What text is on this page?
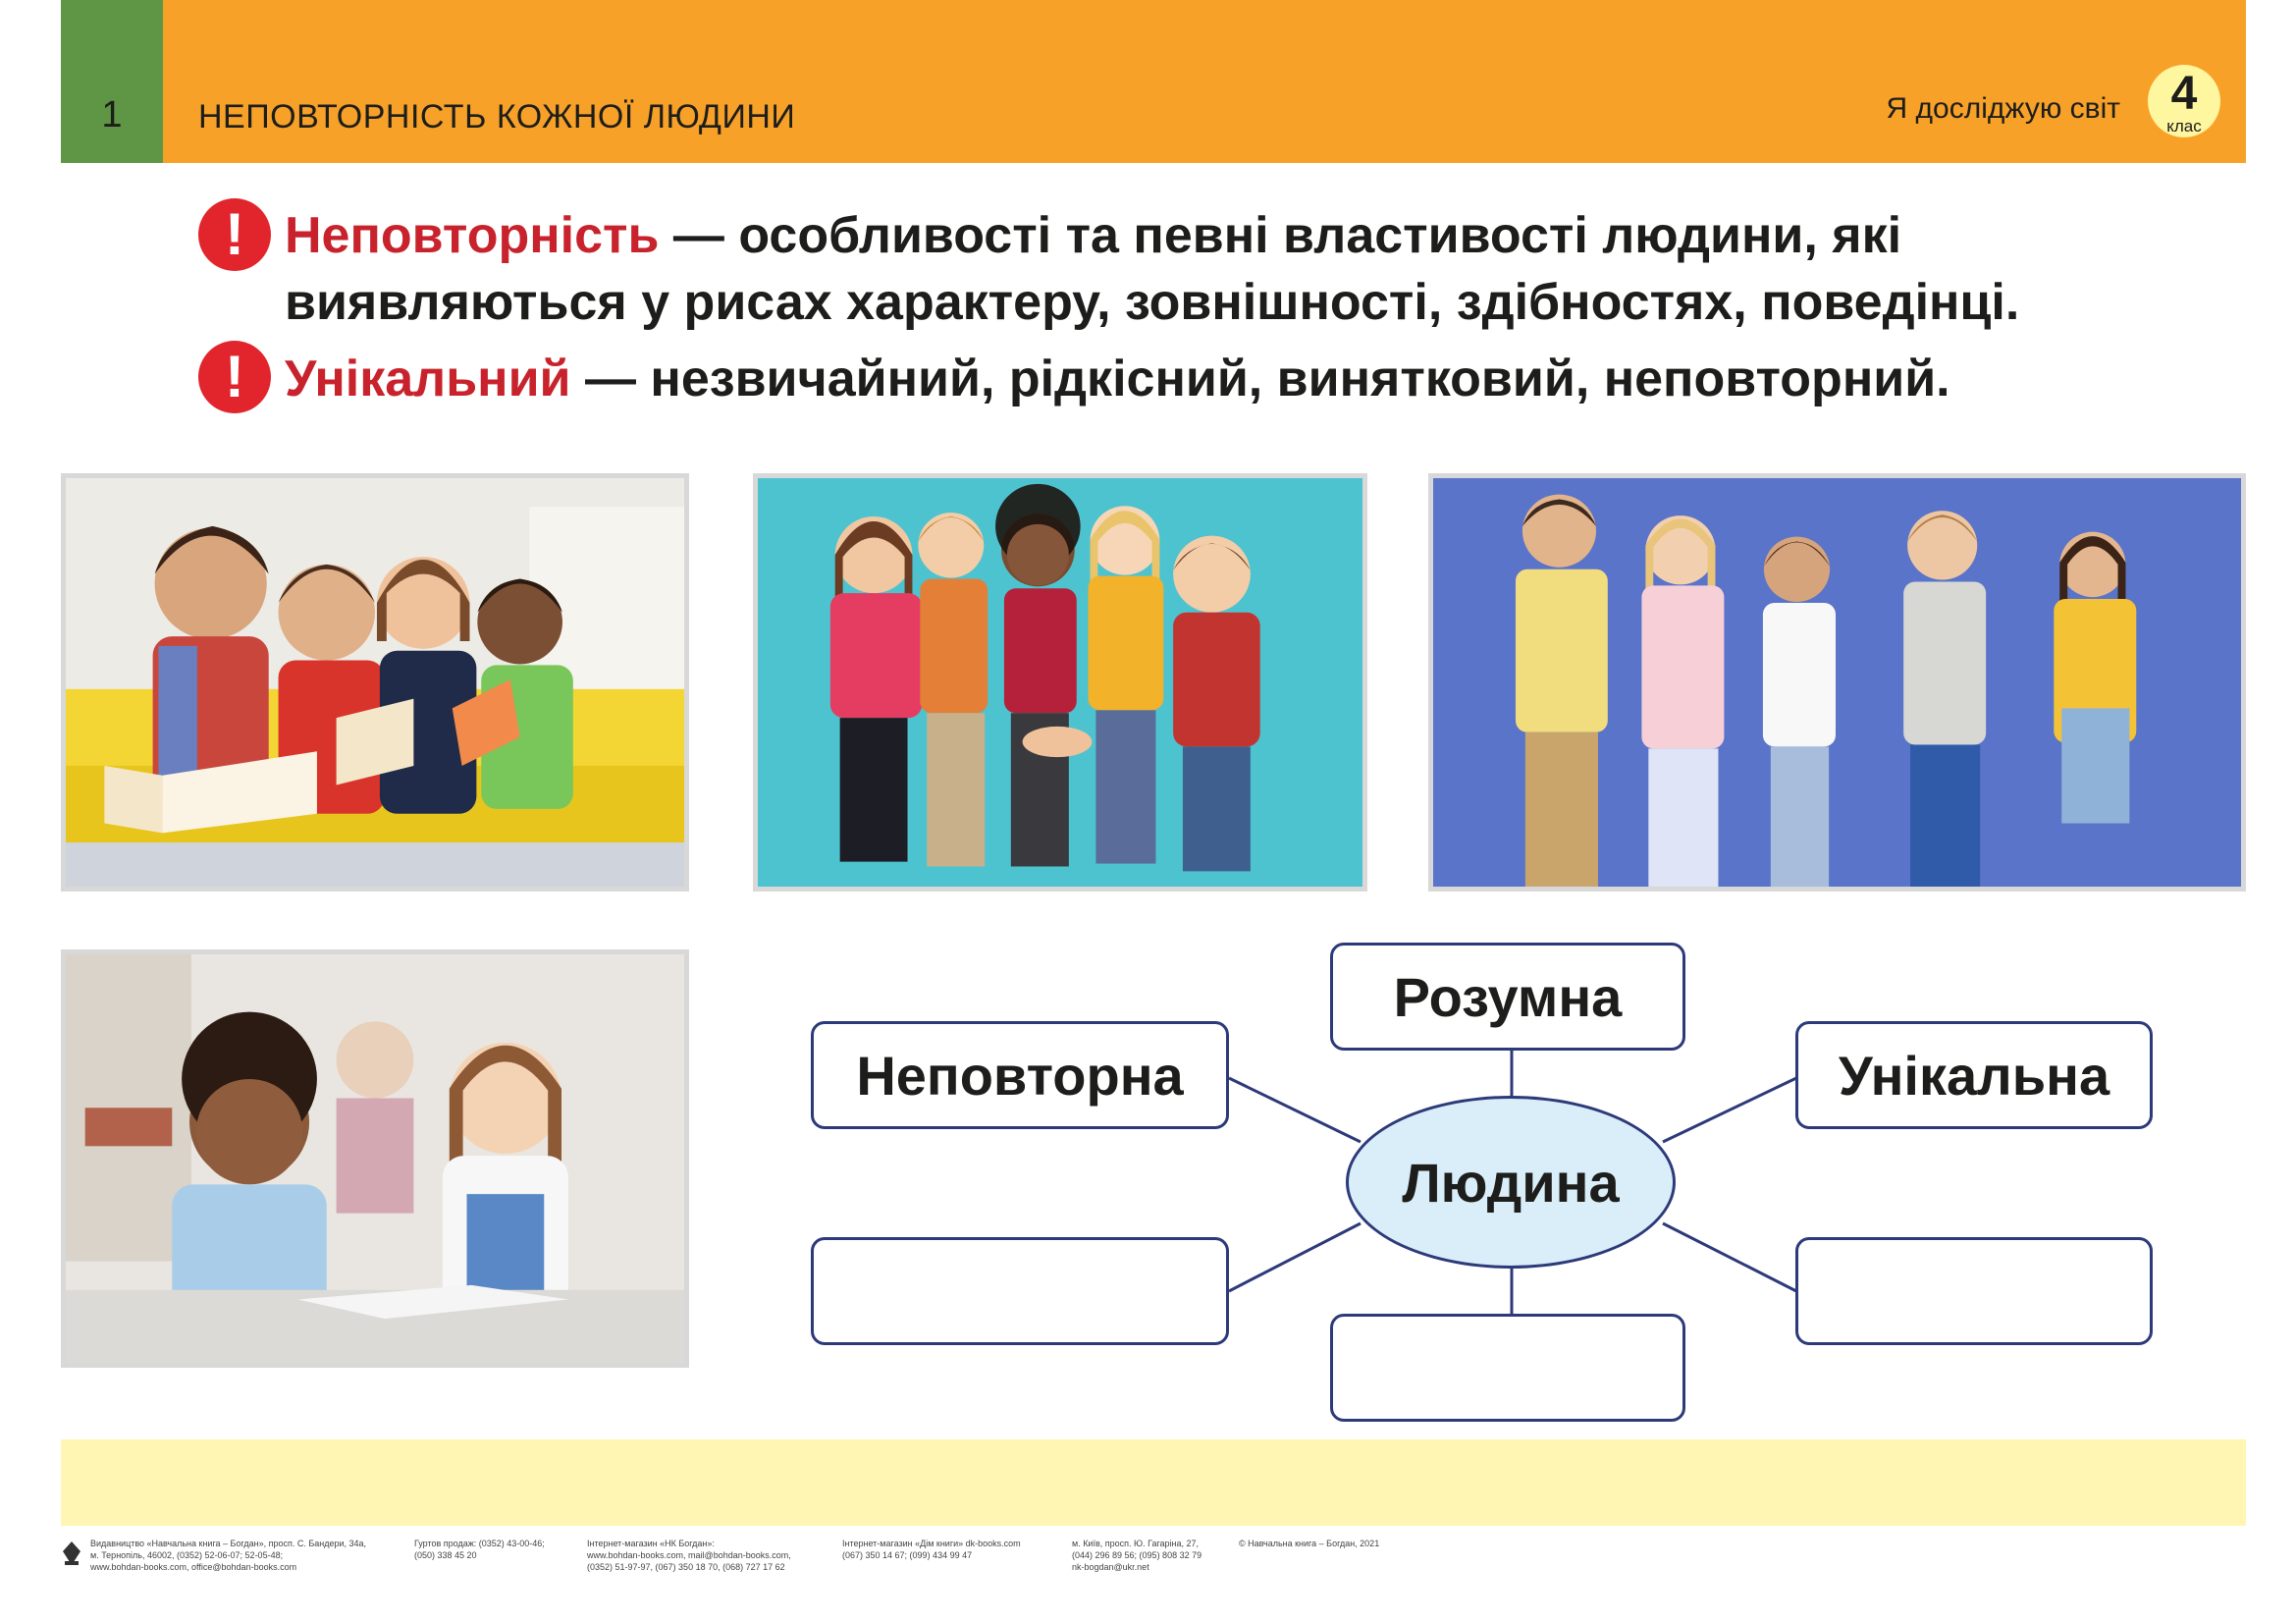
1	НЕПОВТОРНІСТЬ КОЖНОЇ ЛЮДИНИ	Я досліджую світ	4
клас
! Неповторність — особливості та певні властивості людини, які
виявляються у рисах характеру, зовнішності, здібностях, поведінці.
! Унікальний — незвичайний, рідкісний, винятковий, неповторний.
Розумна
Неповторна	Унікальна
Людина
Видавництво «Навчальна книга – Богдан», просп. С. Бандери, 34а,
м. Тернопіль, 46002, (0352) 52-06-07; 52-05-48;
www.bohdan-books.com, office@bohdan-books.com
Гуртов продаж: (0352) 43-00-46;
(050) 338 45 20
Інтернет-магазин «НК Богдан»:
www.bohdan-books.com, mail@bohdan-books.com,
(0352) 51-97-97, (067) 350 18 70, (068) 727 17 62
Інтернет-магазин «Дім книги» dk-books.com
(067) 350 14 67; (099) 434 99 47
м. Київ, просп. Ю. Гагаріна, 27,
(044) 296 89 56; (095) 808 32 79
nk-bogdan@ukr.net
© Навчальна книга – Богдан, 2021
